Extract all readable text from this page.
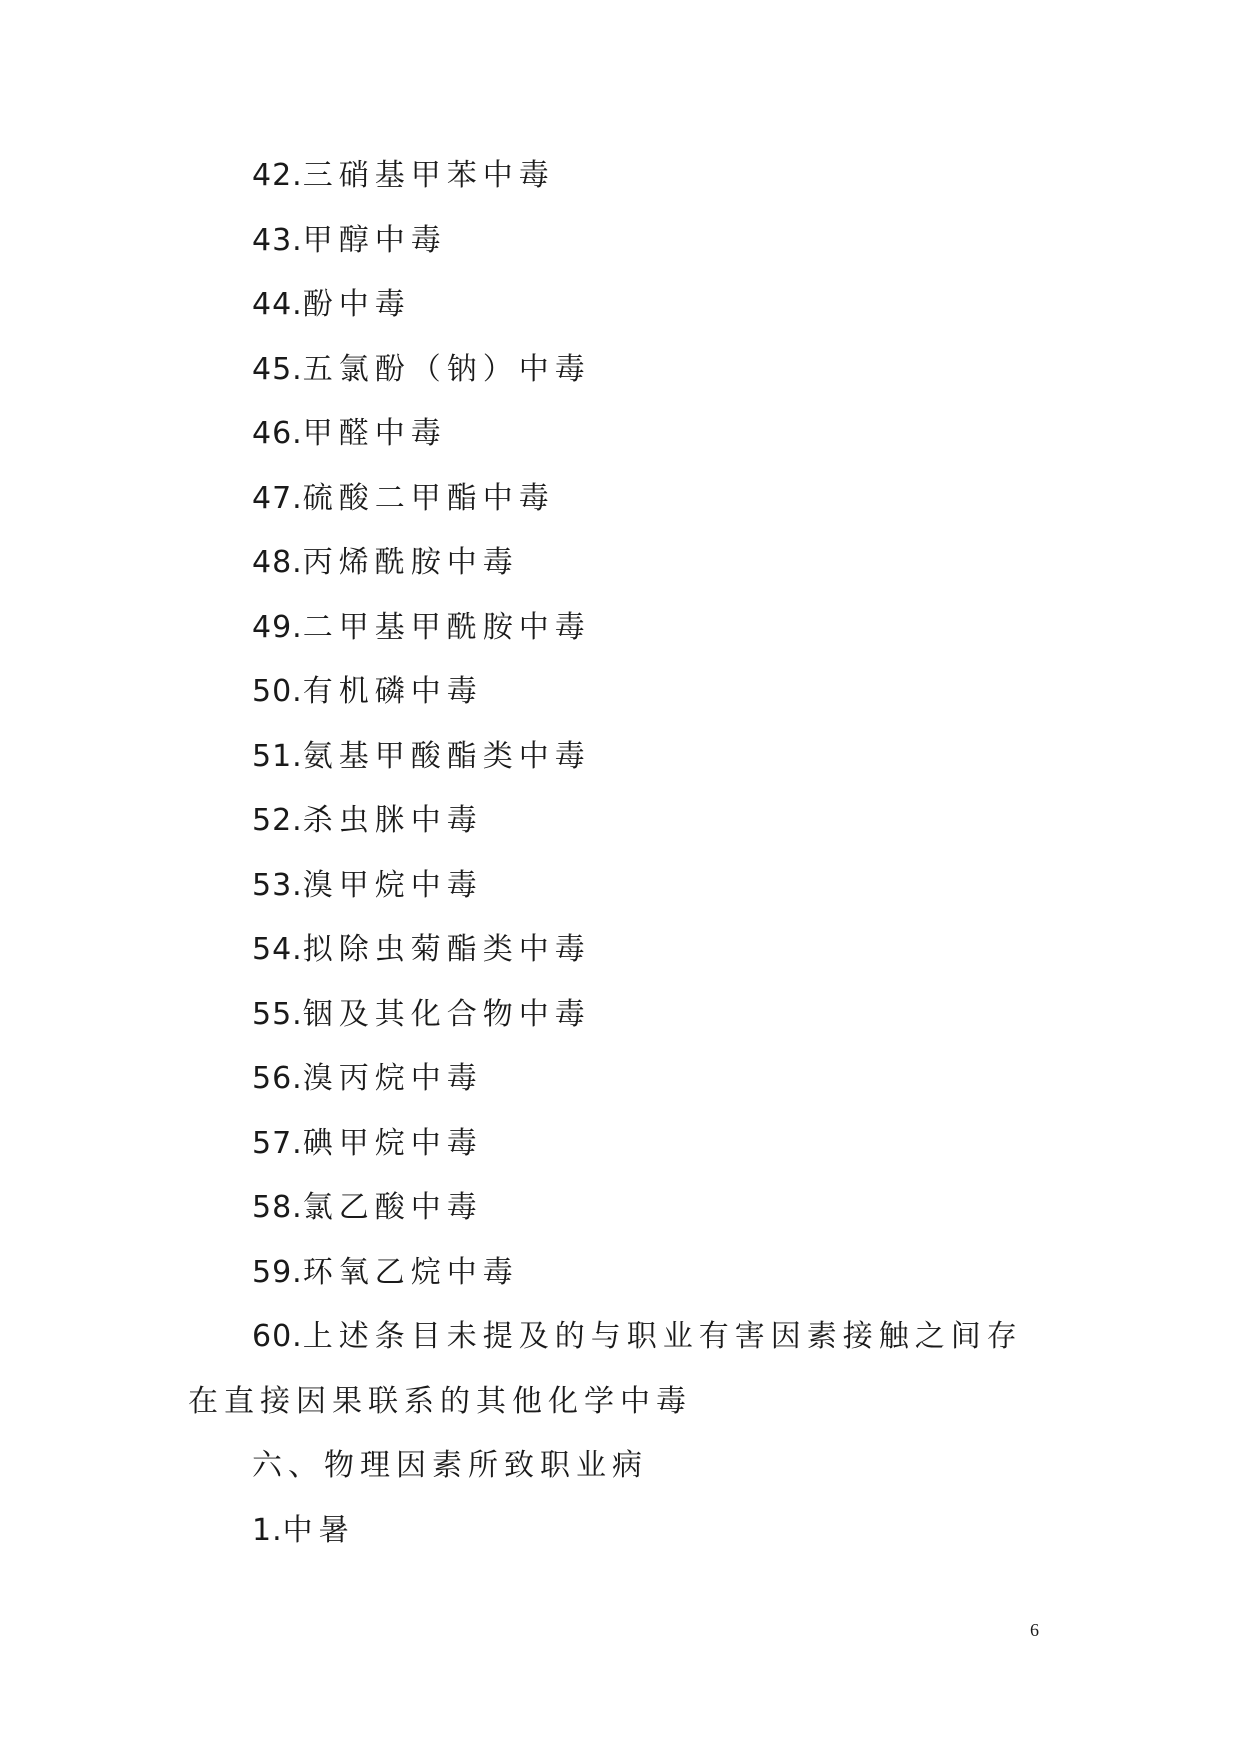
42.三硝基甲苯中毒
43.甲醇中毒
44.酚中毒
45.五氯酚（钠）中毒
46.甲醛中毒
47.硫酸二甲酯中毒
48.丙烯酰胺中毒
49.二甲基甲酰胺中毒
50.有机磷中毒
51.氨基甲酸酯类中毒
52.杀虫脒中毒
53.溴甲烷中毒
54.拟除虫菊酯类中毒
55.铟及其化合物中毒
56.溴丙烷中毒
57.碘甲烷中毒
58.氯乙酸中毒
59.环氧乙烷中毒
60.上述条目未提及的与职业有害因素接触之间存在直接因果联系的其他化学中毒
六、物理因素所致职业病
1.中暑
6
